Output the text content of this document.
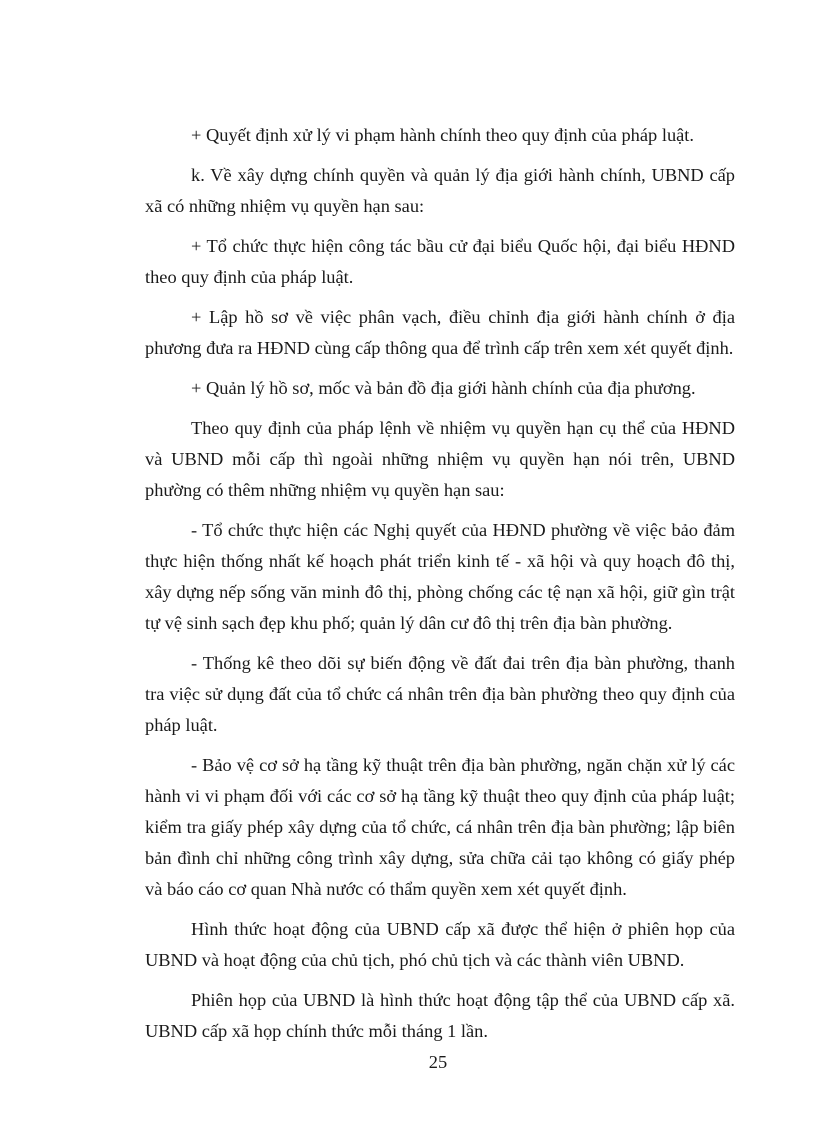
+ Quyết định xử lý vi phạm hành chính theo quy định của pháp luật.

k. Về xây dựng chính quyền và quản lý địa giới hành chính, UBND cấp xã có những nhiệm vụ quyền hạn sau:

+ Tổ chức thực hiện công tác bầu cử đại biểu Quốc hội, đại biểu HĐND theo quy định của pháp luật.

+ Lập hồ sơ về việc phân vạch, điều chỉnh địa giới hành chính ở địa phương đưa ra HĐND cùng cấp thông qua để trình cấp trên xem xét quyết định.

+ Quản lý hồ sơ, mốc và bản đồ địa giới hành chính của địa phương.

Theo quy định của pháp lệnh về nhiệm vụ quyền hạn cụ thể của HĐND và UBND mỗi cấp thì ngoài những nhiệm vụ quyền hạn nói trên, UBND phường có thêm những nhiệm vụ quyền hạn sau:

- Tổ chức thực hiện các Nghị quyết của HĐND phường về việc bảo đảm thực hiện thống nhất kế hoạch phát triển kinh tế - xã hội và quy hoạch đô thị, xây dựng nếp sống văn minh đô thị, phòng chống các tệ nạn xã hội, giữ gìn trật tự vệ sinh sạch đẹp khu phố; quản lý dân cư đô thị trên địa bàn phường.

- Thống kê theo dõi sự biến động về đất đai trên địa bàn phường, thanh tra việc sử dụng đất của tổ chức cá nhân trên địa bàn phường theo quy định của pháp luật.

- Bảo vệ cơ sở hạ tầng kỹ thuật trên địa bàn phường, ngăn chặn xử lý các hành vi vi phạm đối với các cơ sở hạ tầng kỹ thuật theo quy định của pháp luật; kiểm tra giấy phép xây dựng của tổ chức, cá nhân trên địa bàn phường; lập biên bản đình chỉ những công trình xây dựng, sửa chữa cải tạo không có giấy phép và báo cáo cơ quan Nhà nước có thẩm quyền xem xét quyết định.

Hình thức hoạt động của UBND cấp xã được thể hiện ở phiên họp của UBND và hoạt động của chủ tịch, phó chủ tịch và các thành viên UBND.

Phiên họp của UBND là hình thức hoạt động tập thể của UBND cấp xã. UBND cấp xã họp chính thức mỗi tháng 1 lần.

25
